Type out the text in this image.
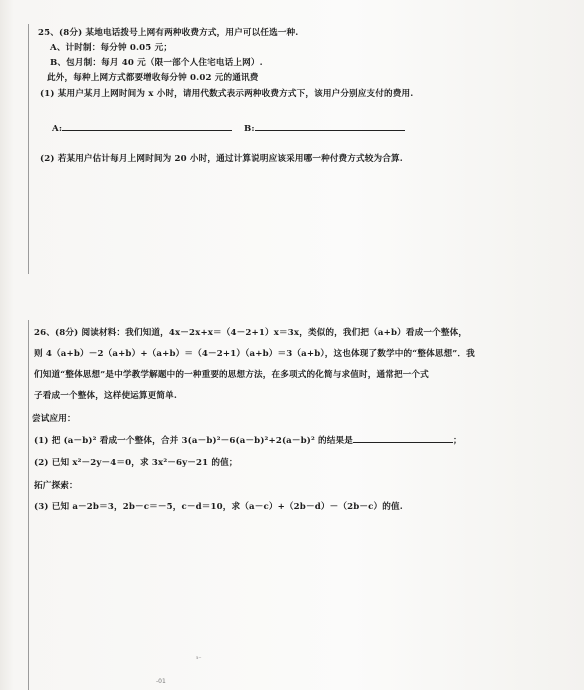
25、(8分) 某地电话拨号上网有两种收费方式，用户可以任选一种.
A、计时制：每分钟 0.05 元；
B、包月制：每月 40 元（限一部个人住宅电话上网）.
此外，每种上网方式都要增收每分钟 0.02 元的通讯费
(1) 某用户某月上网时间为 x 小时，请用代数式表示两种收费方式下，该用户分别应支付的费用.
A:	B:
(2) 若某用户估计每月上网时间为 20 小时，通过计算说明应该采用哪一种付费方式较为合算.
26、(8分) 阅读材料：我们知道，4x－2x+x＝（4－2+1）x＝3x，类似的，我们把（a+b）看成一个整体，
则 4（a+b）－2（a+b）+（a+b）＝（4－2+1）（a+b）＝3（a+b），这也体现了数学中的“整体思想”．我
们知道“整体思想”是中学教学解题中的一种重要的思想方法，在多项式的化简与求值时，通常把一个式
子看成一个整体，这样使运算更简单.
尝试应用：
(1) 把 (a－b)² 看成一个整体，合并 3(a－b)²－6(a－b)²+2(a－b)² 的结果是	；
(2) 已知 x²－2y－4＝0，求 3x²－6y－21 的值；
拓广探索：
(3) 已知 a－2b＝3，2b－c＝－5，c－d＝10，求（a－c）+（2b－d）－（2b－c）的值.
⁵⁻
-01
